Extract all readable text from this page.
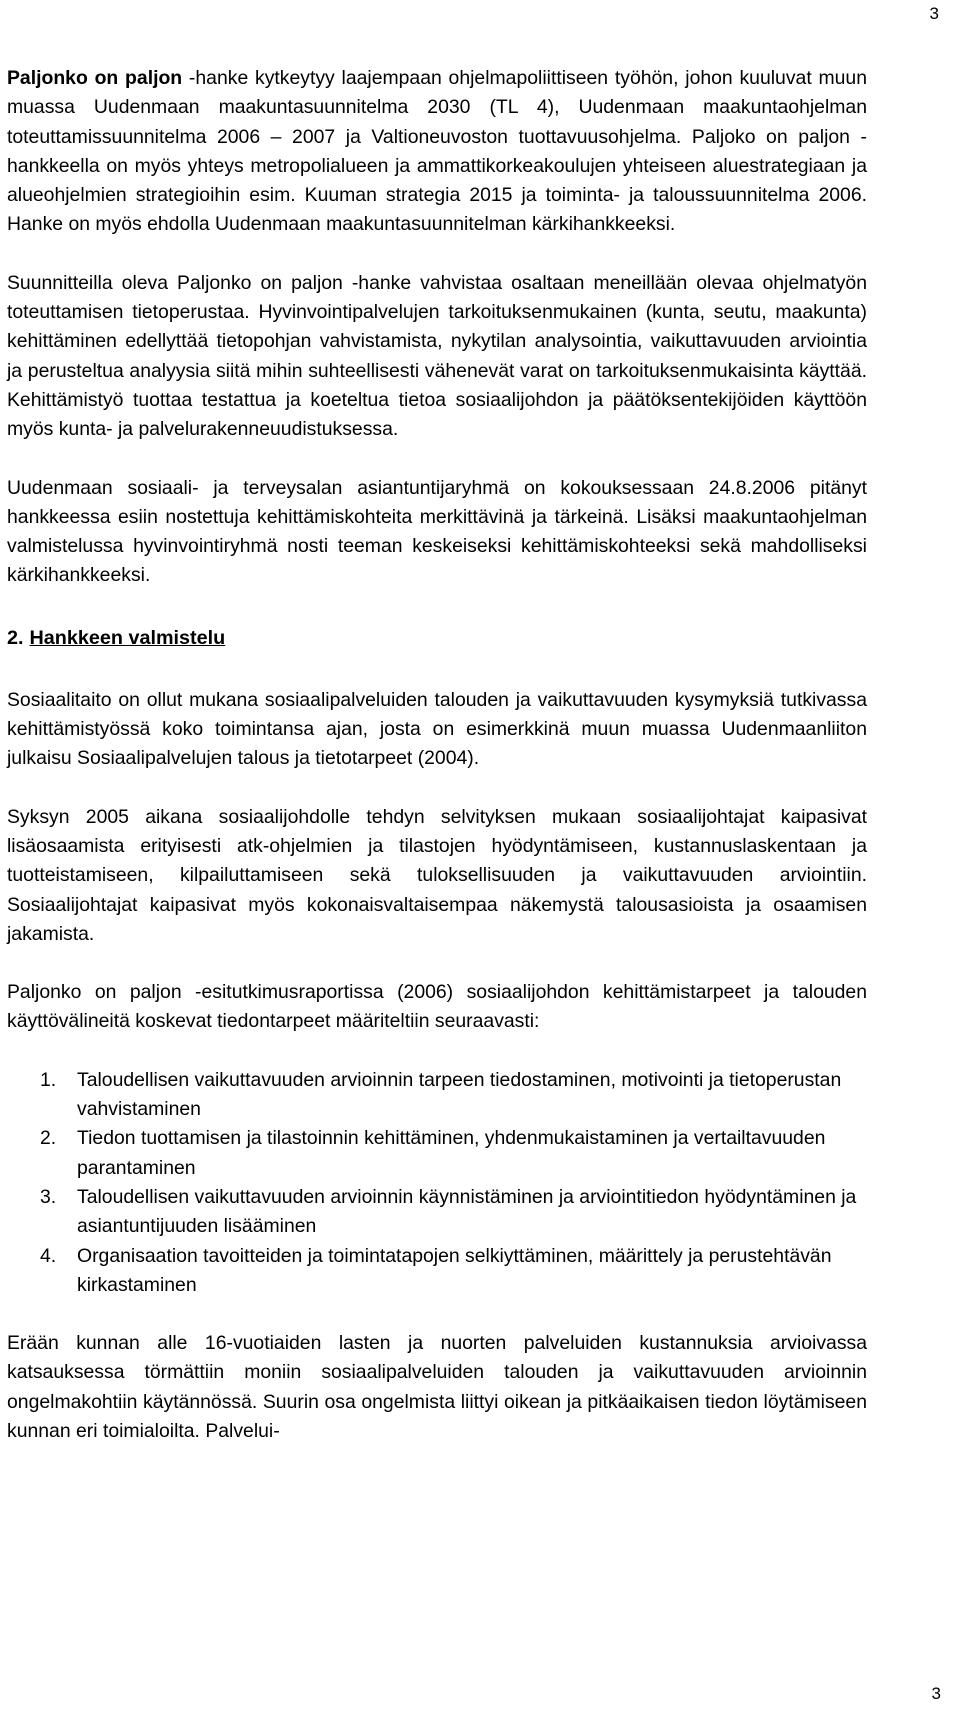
3

Paljonko on paljon -hanke kytkeytyy laajempaan ohjelmapoliittiseen työhön, johon kuuluvat muun muassa Uudenmaan maakuntasuunnitelma 2030 (TL 4), Uudenmaan maakuntaohjelman toteuttamissuunnitelma 2006 – 2007 ja Valtioneuvoston tuottavuusohjelma. Paljoko on paljon -hankkeella on myös yhteys metropolialueen ja ammattikorkeakoulujen yhteiseen aluestrategiaan ja alueohjelmien strategioihin esim. Kuuman strategia 2015 ja toiminta- ja taloussuunnitelma 2006. Hanke on myös ehdolla Uudenmaan maakuntasuunnitelman kärkihankkeeksi.

Suunnitteilla oleva Paljonko on paljon -hanke vahvistaa osaltaan meneillään olevaa ohjelmatyön toteuttamisen tietoperustaa. Hyvinvointipalvelujen tarkoituksenmukainen (kunta, seutu, maakunta) kehittäminen edellyttää tietopohjan vahvistamista, nykytilan analysointia, vaikuttavuuden arviointia ja perusteltua analyysia siitä mihin suhteellisesti vähenevät varat on tarkoituksenmukaisinta käyttää. Kehittämistyö tuottaa testattua ja koeteltua tietoa sosiaalijohdon ja päätöksentekijöiden käyttöön myös kunta- ja palvelurakenneuudistuksessa.

Uudenmaan sosiaali- ja terveysalan asiantuntijaryhmä on kokouksessaan 24.8.2006 pitänyt hankkeessa esiin nostettuja kehittämiskohteita merkittävinä ja tärkeinä. Lisäksi maakuntaohjelman valmistelussa hyvinvointiryhmä nosti teeman keskeiseksi kehittämiskohteeksi sekä mahdolliseksi kärkihankkeeksi.

2. Hankkeen valmistelu

Sosiaalitaito on ollut mukana sosiaalipalveluiden talouden ja vaikuttavuuden kysymyksiä tutkivassa kehittämistyössä koko toimintansa ajan, josta on esimerkkinä muun muassa Uudenmaanliiton julkaisu Sosiaalipalvelujen talous ja tietotarpeet (2004).

Syksyn 2005 aikana sosiaalijohdolle tehdyn selvityksen mukaan sosiaalijohtajat kaipasivat lisäosaamista erityisesti atk-ohjelmien ja tilastojen hyödyntämiseen, kustannuslaskentaan ja tuotteistamiseen, kilpailuttamiseen sekä tuloksellisuuden ja vaikuttavuuden arviointiin. Sosiaalijohtajat kaipasivat myös kokonaisvaltaisempaa näkemystä talousasioista ja osaamisen jakamista.

Paljonko on paljon -esitutkimusraportissa (2006) sosiaalijohdon kehittämistarpeet ja talouden käyttövälineitä koskevat tiedontarpeet määriteltiin seuraavasti:

1. Taloudellisen vaikuttavuuden arvioinnin tarpeen tiedostaminen, motivointi ja tietoperustan vahvistaminen
2. Tiedon tuottamisen ja tilastoinnin kehittäminen, yhdenmukaistaminen ja vertailtavuuden parantaminen
3. Taloudellisen vaikuttavuuden arvioinnin käynnistäminen ja arviointitiedon hyödyntäminen ja asiantuntijuuden lisääminen
4. Organisaation tavoitteiden ja toimintatapojen selkiyttäminen, määrittely ja perustehtävän kirkastaminen

Erään kunnan alle 16-vuotiaiden lasten ja nuorten palveluiden kustannuksia arvioivassa katsauksessa törmättiin moniin sosiaalipalveluiden talouden ja vaikuttavuuden arvioinnin ongelmakohtiin käytännössä. Suurin osa ongelmista liittyi oikean ja pitkäaikaisen tiedon löytämiseen kunnan eri toimialoilta. Palvelui-

3
